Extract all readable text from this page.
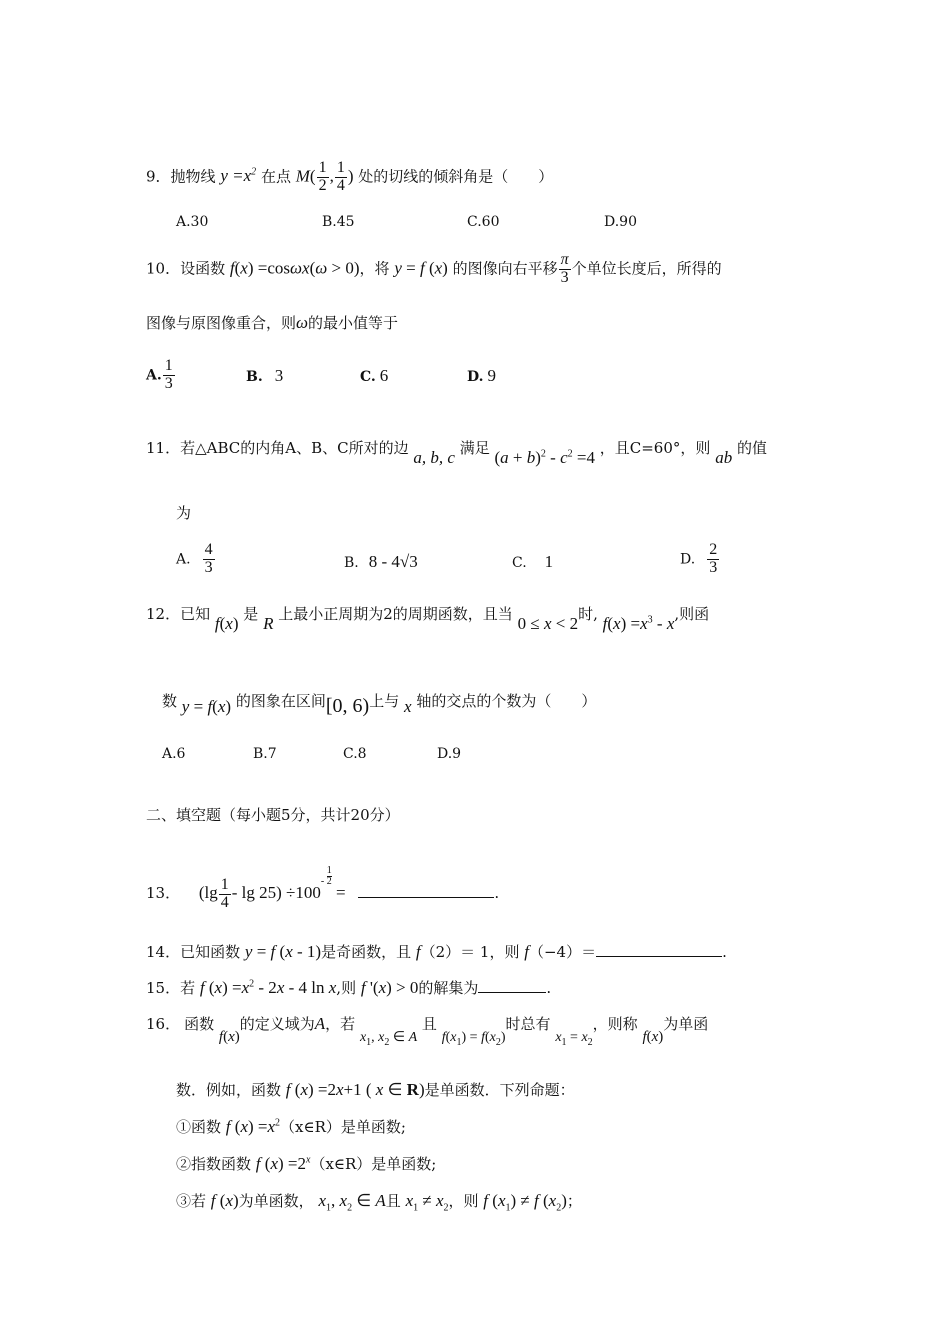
9．抛物线 $y =x^2$ 在点 $M( \frac{1}{2}$ , $\frac{1}{4}$ ) 处的切线的倾斜角是（　　）
A.30	B.45	C.60	D.90
10．设函数 f(x) =cosωx(ω > 0)，将 y = f (x) 的图像向右平移 $\frac{\pi}{3}$ 个单位长度后，所得的
图像与原图像重合，则ω的最小值等于
A. $\frac{1}{3}$	B. 3	C. 6	D. 9
11．若△ABC的内角A、B、C所对的边 a, b, c 满足 $(a + b)^2 - c^2 =4$ ，且C=60°，则 ab 的值
为
A. $\frac{4}{3}$	B. 8 - 4√3	C. 1	D. $\frac{2}{3}$
12．已知 f(x) 是 R 上最小正周期为2的周期函数，且当 0 ≤ x < 2时, $f(x) =x^3 - x$,则函
数 y = f(x) 的图象在区间[0, 6)上与 x 轴的交点的个数为（　　）
A.6	B.7	C.8	D.9
二、填空题（每小题5分，共计20分）
13． $(\lg \frac{1}{4} - \lg 25) \div 100^{- \frac{1}{2}}$
=	.
14．已知函数 y = f (x - 1)是奇函数，且 f（2）＝ 1，则 f（−4）＝	.
15．若 f $(x) =x^2 - 2x - 4$ ln x,则 f '(x) > 0的解集为	.
16． 函数 f(x)的定义域为A，若 $x_1$, $x_2$ ∈ A 且 $f(x_1) = f(x_2)$时总有 $x_1 = x_2$，则称 f(x)为单函
数．例如，函数 f (x) =2x+1 ( x ∈ R)是单函数．下列命题：
①函数 f $(x) =x^2(x\in R)$是单函数;
②指数函数 f $(x) =2^x(x\in R)$是单函数;
③若 f (x)为单函数， $x_1$, $x_2$ ∈ A且 $x_1 \ne x_2$，则 f $(x_1) \ne f$ $(x_2)$；
